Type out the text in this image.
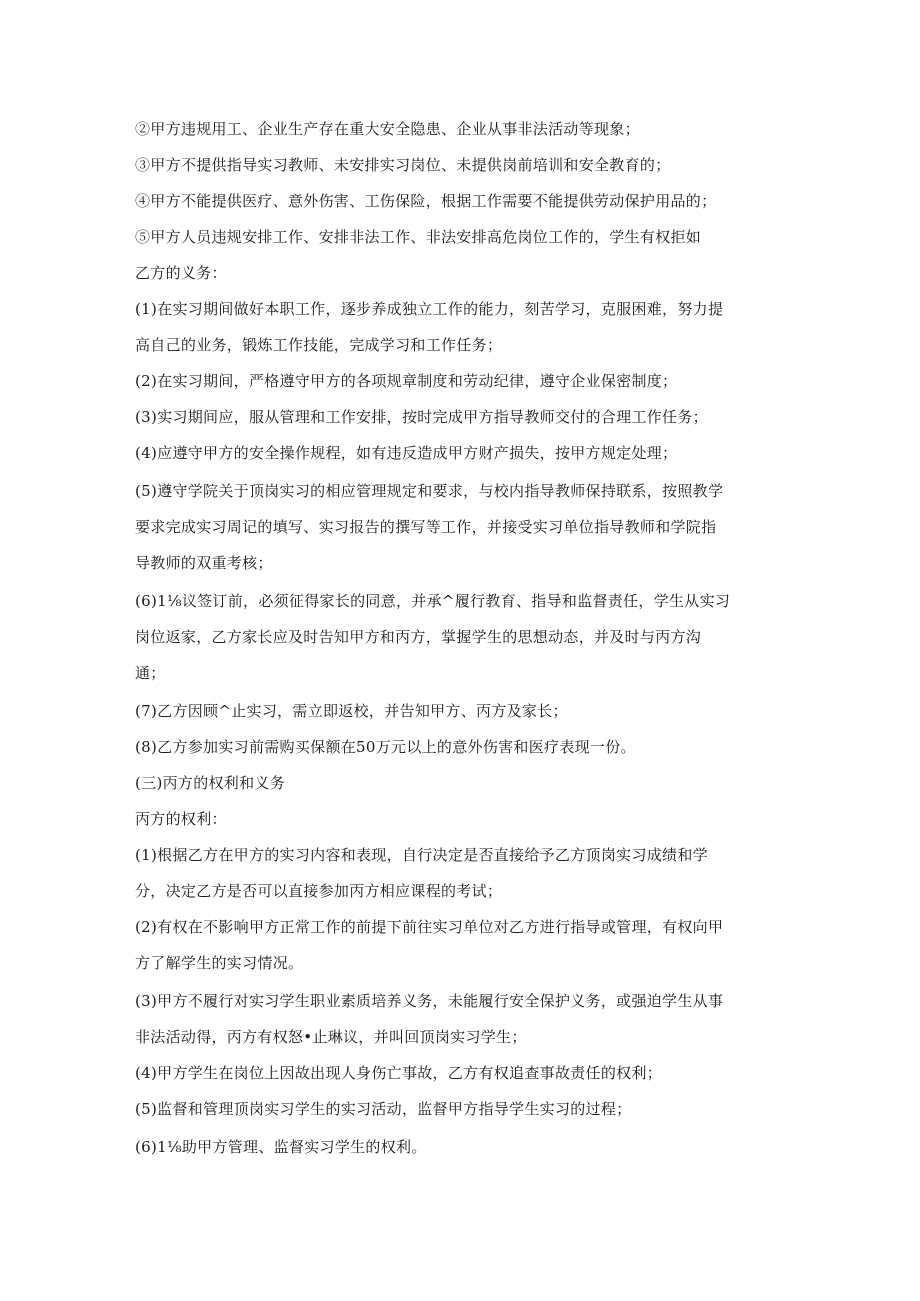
②甲方违规用工、企业生产存在重大安全隐患、企业从事非法活动等现象；
③甲方不提供指导实习教师、未安排实习岗位、未提供岗前培训和安全教育的；
④甲方不能提供医疗、意外伤害、工伤保险，根据工作需要不能提供劳动保护用品的；
⑤甲方人员违规安排工作、安排非法工作、非法安排高危岗位工作的，学生有权拒如
乙方的义务：
(1)在实习期间做好本职工作，逐步养成独立工作的能力，刻苦学习，克服困难，努力提
高自己的业务，锻炼工作技能，完成学习和工作任务；
(2)在实习期间，严格遵守甲方的各项规章制度和劳动纪律，遵守企业保密制度；
(3)实习期间应，服从管理和工作安排，按时完成甲方指导教师交付的合理工作任务；
(4)应遵守甲方的安全操作规程，如有违反造成甲方财产损失，按甲方规定处理；
(5)遵守学院关于顶岗实习的相应管理规定和要求，与校内指导教师保持联系，按照教学
要求完成实习周记的填写、实习报告的撰写等工作，并接受实习单位指导教师和学院指
导教师的双重考核；
(6)1⅛议签订前，必须征得家长的同意，并承^履行教育、指导和监督责任，学生从实习
岗位返家，乙方家长应及时告知甲方和丙方，掌握学生的思想动态，并及时与丙方沟
通；
(7)乙方因顾^止实习，需立即返校，并告知甲方、丙方及家长；
(8)乙方参加实习前需购买保额在50万元以上的意外伤害和医疗表现一份。
(三)丙方的权利和义务
丙方的权利：
(1)根据乙方在甲方的实习内容和表现，自行决定是否直接给予乙方顶岗实习成绩和学
分，决定乙方是否可以直接参加丙方相应课程的考试；
(2)有权在不影响甲方正常工作的前提下前往实习单位对乙方进行指导或管理，有权向甲
方了解学生的实习情况。
(3)甲方不履行对实习学生职业素质培养义务，未能履行安全保护义务，或强迫学生从事
非法活动得，丙方有权怒•止琳议，并叫回顶岗实习学生；
(4)甲方学生在岗位上因故出现人身伤亡事故，乙方有权追查事故责任的权利；
(5)监督和管理顶岗实习学生的实习活动，监督甲方指导学生实习的过程；
(6)1⅛助甲方管理、监督实习学生的权利。
